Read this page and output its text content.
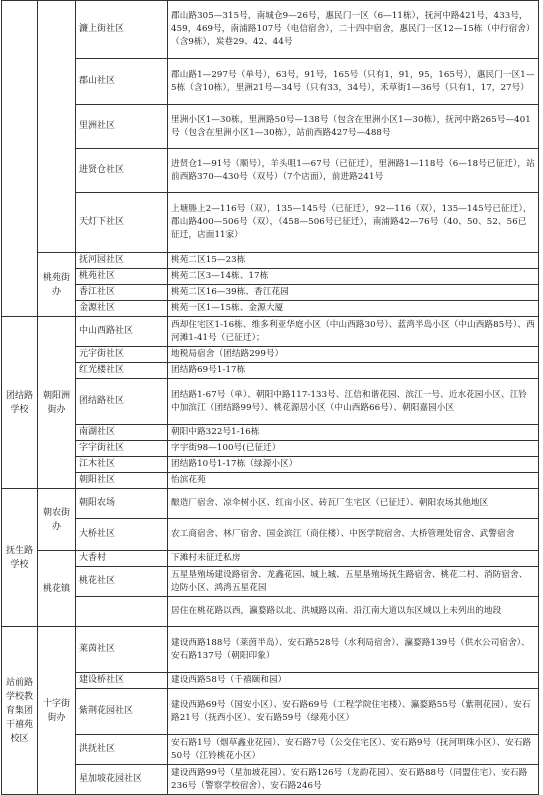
		濂上街社区	郡山路305—315号，南城仓9—26号，惠民门一区（6—11栋），抚河中路421号，433号，459，469号，南浦路107号（电信宿舍），二十四中宿舍，惠民门一区12—15栋（中行宿舍）（含9栋），炭巷29、42、44号
		郡山社区	郡山路1—297号（单号），63号，91号，165号（只有1，91，95，165号），惠民门一区1—5栋（含10栋），里洲21号—34号（只有33，34号），禾草街1—36号（只有1，17，27号）
		里洲社区	里洲小区1—30栋，里洲路50号—138号（包含在里洲小区1—30栋），抚河中路265号—401号（包含在里洲小区1—30栋），站前西路427号—488号
		进贤仓社区	进贤仓1—91号（顺号），羊头咀1—67号（已征迁），里洲路1—118号（6—18号已征迁），站前西路370—430号（双号）（7个店面），前进路241号
		天灯下社区	上塘塍上2—116号（双），135—145号（已征迁），92—116（双），135—145号已征迁），郡山路400—506号（双），（458—506号已征迁），南浦路42—76号（40、50、52、56已征迁，店面11家）

	桃苑街办	抚河园社区	桃苑二区15—23栋
		桃苑社区	桃苑二区3—14栋、17栋
		香江社区	桃苑二区16—39栋、香江花园
		金源社区	桃苑一区1—15栋、金源大厦

团结路学校	朝阳洲街办	中山西路社区	西却住宅区1-16栋、维多利亚华庭小区（中山西路30号）、蓝湾半岛小区（中山西路85号）、西河滩1-41号（已征迁）；
		元宇街社区	地税局宿舍（团结路299号）
		红光楼社区	团结路69号1-17栋
		团结路社区	团结路1-67号（单）、朝阳中路117-133号、江信和谐花园、滨江一号、近水花园小区、江铃中加滨江（团结路99号）、桃花源居小区（中山西路66号）、朝阳嘉园小区
		南湖社区	朝阳中路322号1-16栋
		字宇街社区	字宇街98—100号(已征迁）
		江木社区	团结路10号1-17栋（绿源小区）
		朝阳社区	怡滨花苑

抚生路学校	朝农街办	朝阳农场	酿造厂宿舍、凉伞树小区、红亩小区、砖瓦厂生宅区（已征迁）、朝阳农场其他地区
		大桥社区	农工商宿舍、林厂宿舍、国金滨江（商住楼）、中医学院宿舍、大桥管理处宿舍、武警宿舍

	桃花镇	大香村	下滩村未征迁私房
		桃花社区	五星垦殖场建设路宿舍、龙鑫花园、城上城、五星垦殖场抚生路宿舍、桃花二村、消防宿舍、边防小区、鸿湾五星花园
			居住在桃花路以西，瀛婺路以北、洪城路以南、沿江南大道以东区域以上未列出的地段

站前路学校教育集团干禧苑校区	十字街街办	莱茵社区	建设西路188号（莱茵半岛）、安石路528号（水利局宿舍）、瀛婺路139号（供水公司宿舍）、安石路137号（朝阳印象）
		建设桥社区	建设西路58号（千禧颐和园）
		紫荆花园社区	建设西路69号（国安小区）、安石路69号（工程学院住宅楼）、瀛婺路55号（紫荆花园）、安石路21号（抚西小区）、安石路59号（绿苑小区）
		洪抚社区	安石路1号（烟草鑫业花园）、安石路7号（公交住宅区）、安石路9号（抚河明珠小区）、安石路50号（江铃桃花小区）
		星加坡花园社区	建设西路99号（星加坡花园）、安石路126号（龙韵花园）、安石路88号（同盟住宅）、安石路236号（警察学校宿舍）、安石路246号
